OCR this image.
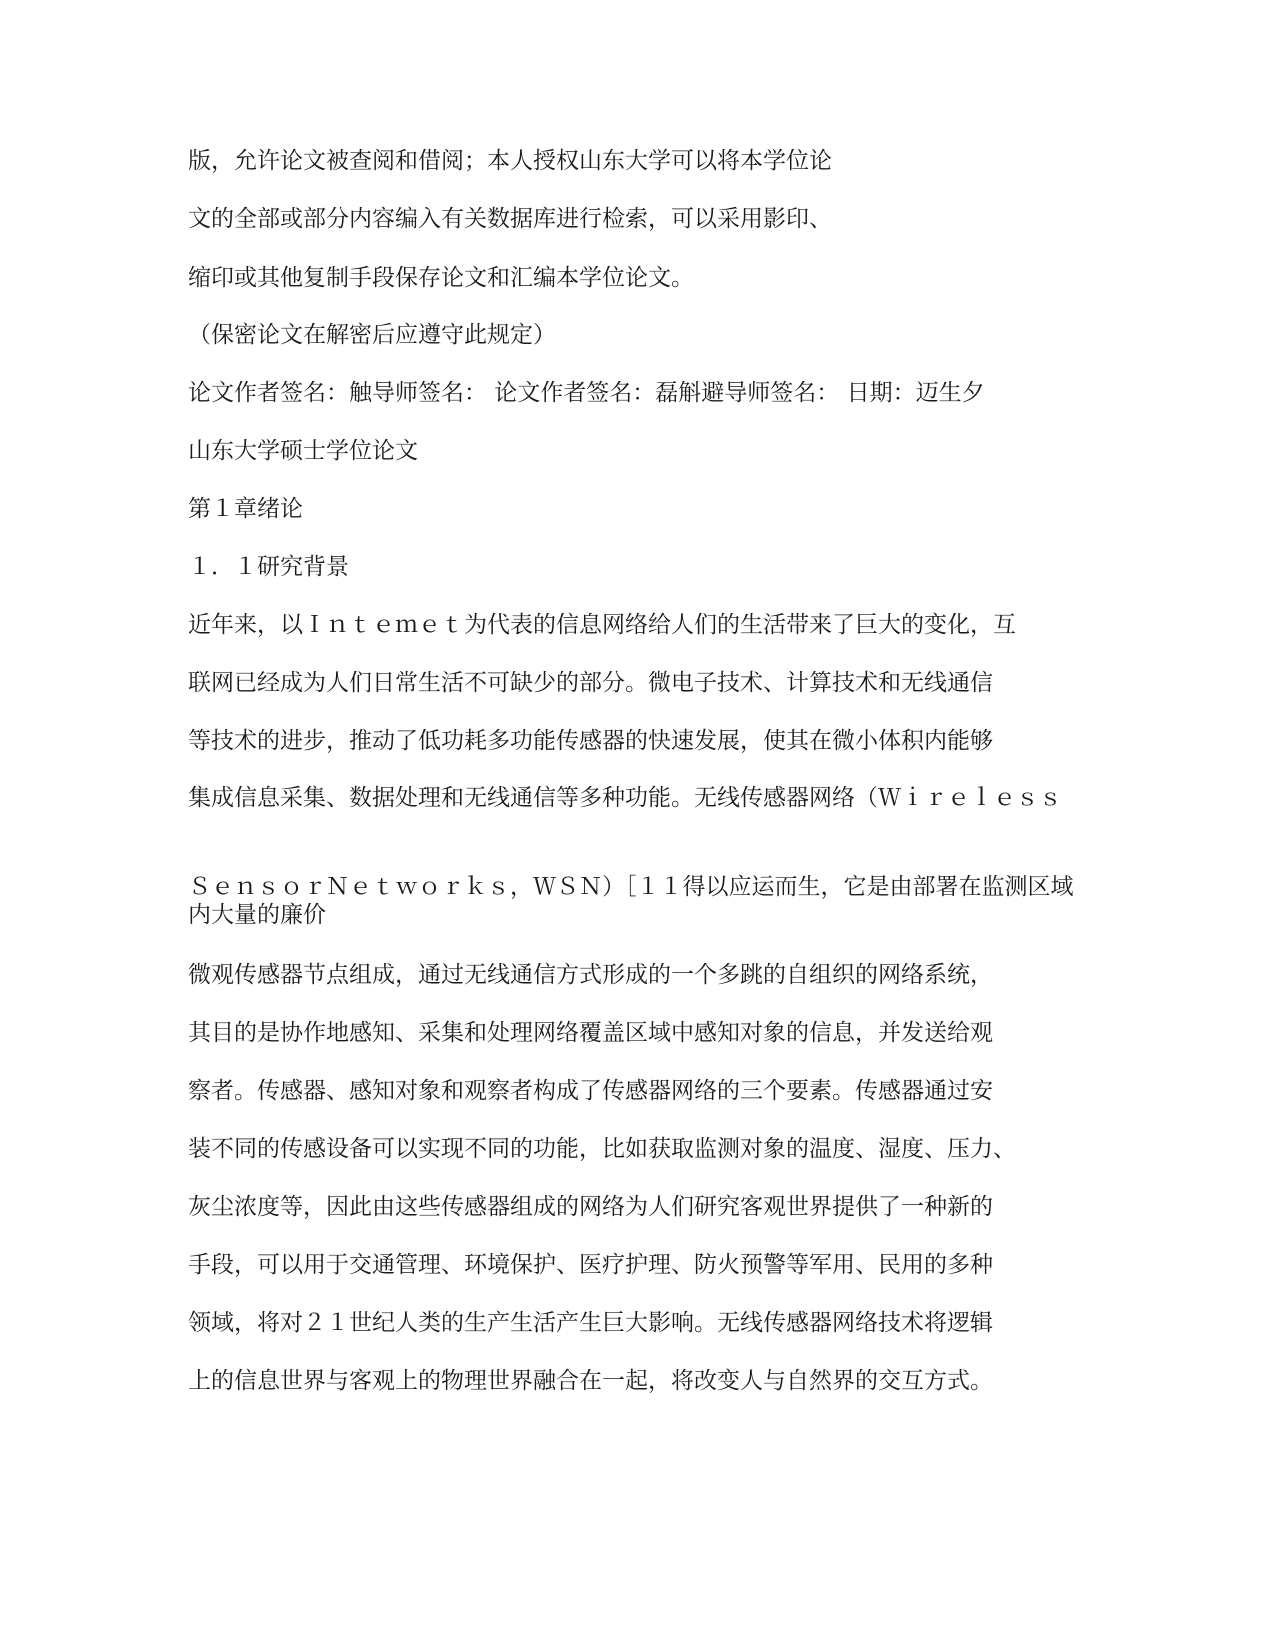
版，允许论文被查阅和借阅；本人授权山东大学可以将本学位论
文的全部或部分内容编入有关数据库进行检索，可以采用影印、
缩印或其他复制手段保存论文和汇编本学位论文。
（保密论文在解密后应遵守此规定）
论文作者签名：触导师签名： 论文作者签名：磊斛避导师签名： 日期：迈生夕
山东大学硕士学位论文
第１章绪论
１．１研究背景
近年来，以Ｉｎｔｅｍｅｔ为代表的信息网络给人们的生活带来了巨大的变化，互
联网已经成为人们日常生活不可缺少的部分。微电子技术、计算技术和无线通信
等技术的进步，推动了低功耗多功能传感器的快速发展，使其在微小体积内能够
集成信息采集、数据处理和无线通信等多种功能。无线传感器网络（Ｗｉｒｅｌｅｓｓ
ＳｅｎｓｏｒＮｅｔｗｏｒｋｓ，ＷＳＮ）［１１得以应运而生，它是由部署在监测区域内大量的廉价
微观传感器节点组成，通过无线通信方式形成的一个多跳的自组织的网络系统，
其目的是协作地感知、采集和处理网络覆盖区域中感知对象的信息，并发送给观
察者。传感器、感知对象和观察者构成了传感器网络的三个要素。传感器通过安
装不同的传感设备可以实现不同的功能，比如获取监测对象的温度、湿度、压力、
灰尘浓度等，因此由这些传感器组成的网络为人们研究客观世界提供了一种新的
手段，可以用于交通管理、环境保护、医疗护理、防火预警等军用、民用的多种
领域，将对２１世纪人类的生产生活产生巨大影响。无线传感器网络技术将逻辑
上的信息世界与客观上的物理世界融合在一起，将改变人与自然界的交互方式。
